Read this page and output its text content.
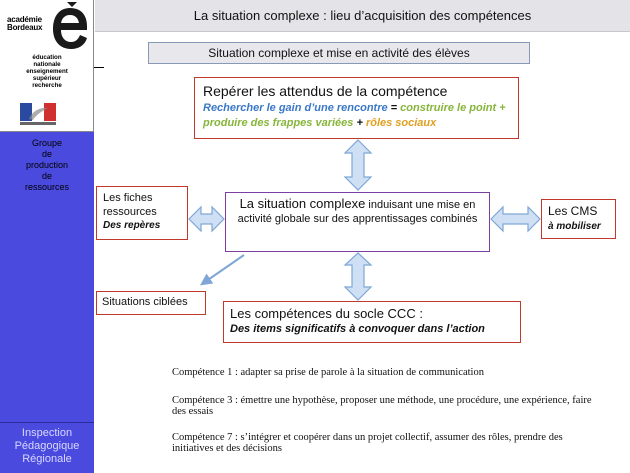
académie
Bordeaux
éducation
nationale
enseignement
supérieur
recherche
Groupe
de
production
de
ressources
Inspection
Pédagogique
Régionale
La situation complexe : lieu d’acquisition des compétences
Situation complexe et mise en activité des élèves
Repérer les attendus de la compétence
Rechercher le gain d’une rencontre = construire le point + produire des frappes variées + rôles sociaux
La situation complexe induisant une mise en activité globale sur des apprentissages combinés
Les fiches ressources
Des repères
Les CMS
à mobiliser
Situations ciblées
Les compétences du socle CCC :
Des items significatifs à convoquer dans l’action
Compétence 1 : adapter sa prise de parole à la situation de communication
Compétence 3 : émettre une hypothèse, proposer une méthode, une procédure, une expérience, faire des essais
Compétence 7 : s’intégrer et coopérer dans un projet collectif, assumer des rôles, prendre des initiatives et des décisions
